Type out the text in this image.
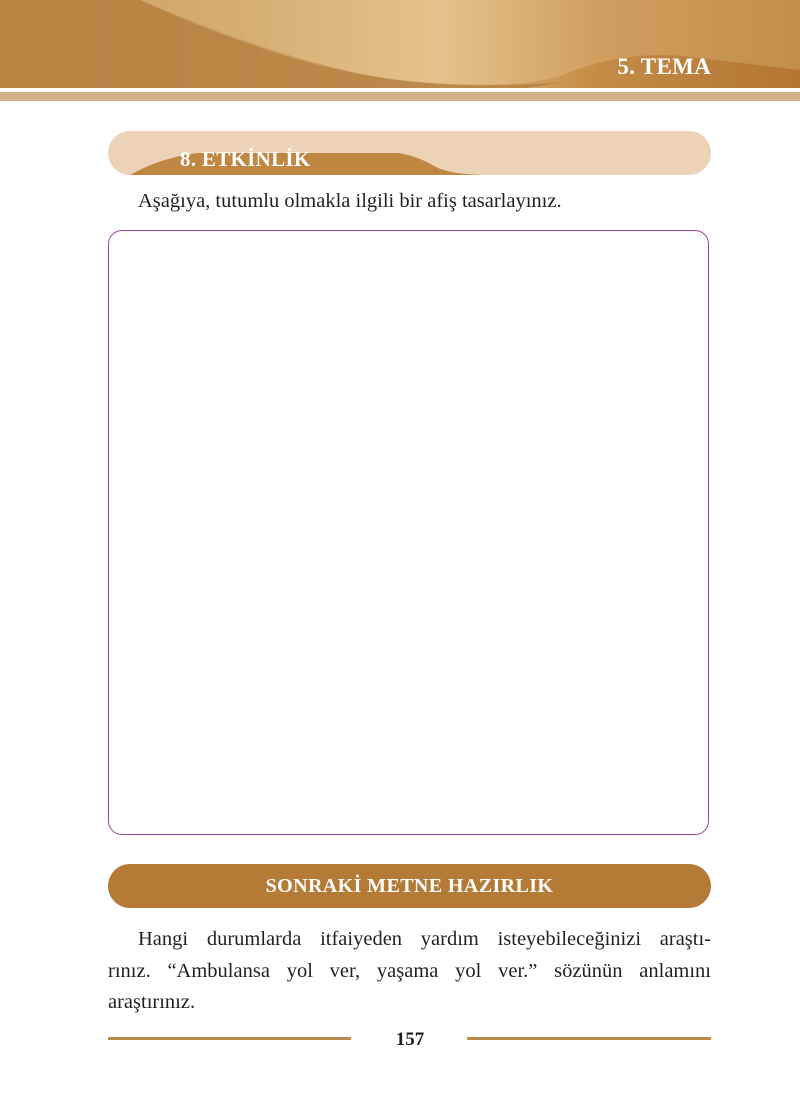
5. TEMA
8. ETKİNLİK
Aşağıya, tutumlu olmakla ilgili bir afiş tasarlayınız.
SONRAKİ METNE HAZIRLIK
Hangi durumlarda itfaiyeden yardım isteyebileceğinizi araştı-
rınız. “Ambulansa yol ver, yaşama yol ver.” sözünün anlamını
araştırınız.
157
